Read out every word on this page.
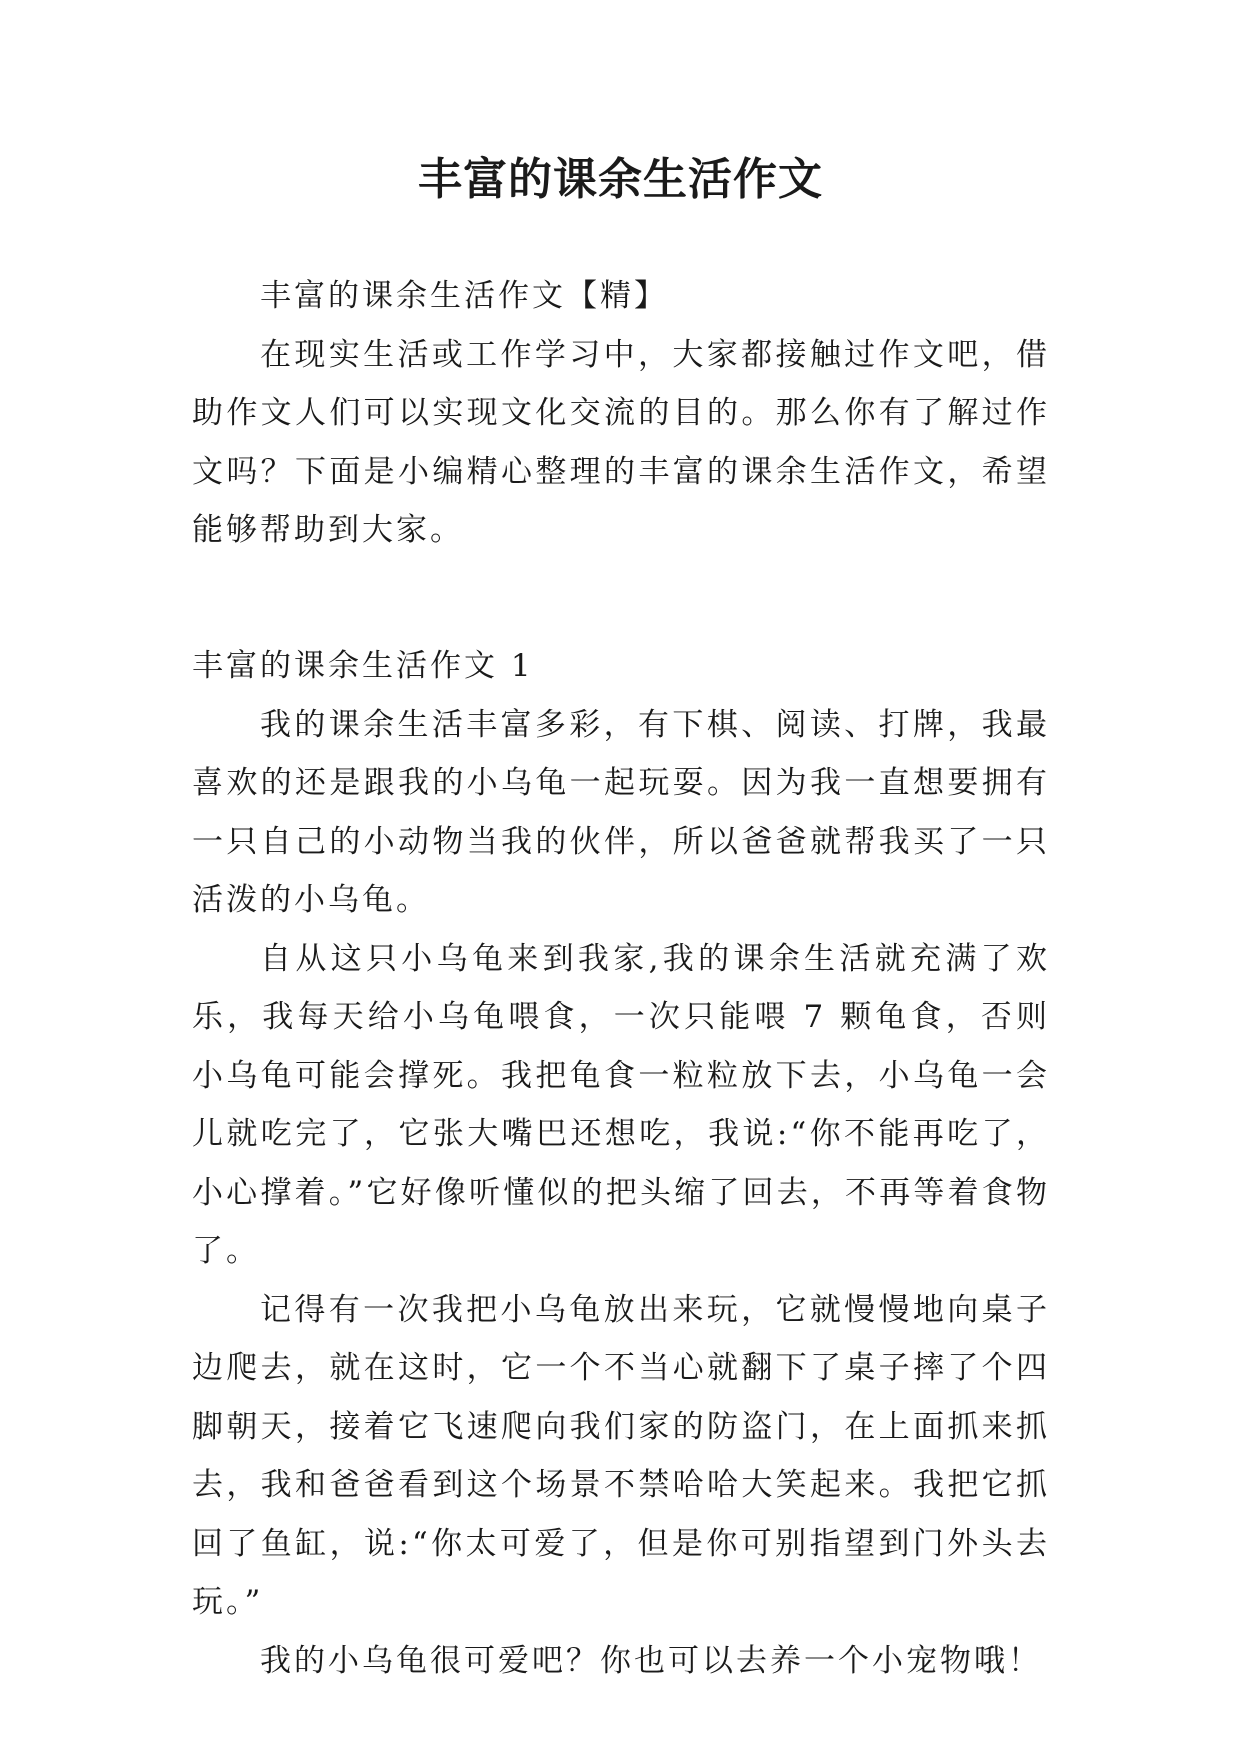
丰富的课余生活作文

丰富的课余生活作文【精】

在现实生活或工作学习中，大家都接触过作文吧，借助作文人们可以实现文化交流的目的。那么你有了解过作文吗？下面是小编精心整理的丰富的课余生活作文，希望能够帮助到大家。

丰富的课余生活作文 1

我的课余生活丰富多彩，有下棋、阅读、打牌，我最喜欢的还是跟我的小乌龟一起玩耍。因为我一直想要拥有一只自己的小动物当我的伙伴，所以爸爸就帮我买了一只活泼的小乌龟。

自从这只小乌龟来到我家,我的课余生活就充满了欢乐，我每天给小乌龟喂食，一次只能喂 7 颗龟食，否则小乌龟可能会撑死。我把龟食一粒粒放下去，小乌龟一会儿就吃完了，它张大嘴巴还想吃，我说:“你不能再吃了，小心撑着。”它好像听懂似的把头缩了回去，不再等着食物了。

记得有一次我把小乌龟放出来玩，它就慢慢地向桌子边爬去，就在这时，它一个不当心就翻下了桌子摔了个四脚朝天，接着它飞速爬向我们家的防盗门，在上面抓来抓去，我和爸爸看到这个场景不禁哈哈大笑起来。我把它抓回了鱼缸，说:“你太可爱了，但是你可别指望到门外头去玩。”

我的小乌龟很可爱吧？你也可以去养一个小宠物哦！
